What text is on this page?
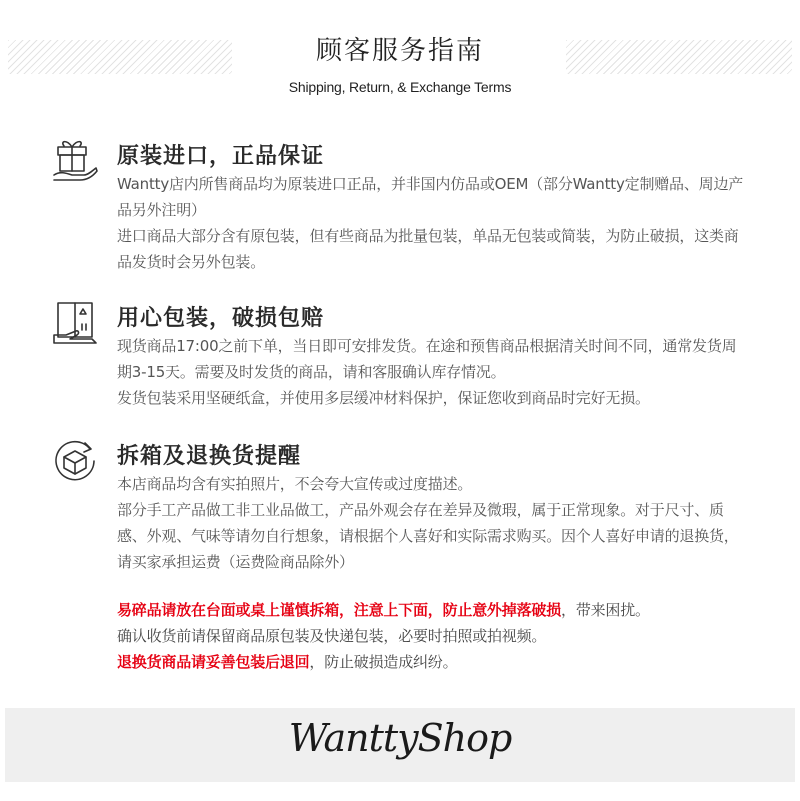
顾客服务指南
Shipping, Return, & Exchange Terms
原装进口，正品保证

Wantty店内所售商品均为原装进口正品，并非国内仿品或OEM（部分Wantty定制赠品、周边产品另外注明）

进口商品大部分含有原包装，但有些商品为批量包装，单品无包装或简装，为防止破损，这类商品发货时会另外包装。

用心包装，破损包赔

现货商品17:00之前下单，当日即可安排发货。在途和预售商品根据清关时间不同，通常发货周期3-15天。需要及时发货的商品，请和客服确认库存情况。

发货包装采用坚硬纸盒，并使用多层缓冲材料保护，保证您收到商品时完好无损。

拆箱及退换货提醒

本店商品均含有实拍照片，不会夸大宣传或过度描述。

部分手工产品做工非工业品做工，产品外观会存在差异及微瑕，属于正常现象。对于尺寸、质感、外观、气味等请勿自行想象，请根据个人喜好和实际需求购买。因个人喜好申请的退换货，请买家承担运费（运费险商品除外）

易碎品请放在台面或桌上谨慎拆箱，注意上下面，防止意外掉落破损，带来困扰。

确认收货前请保留商品原包装及快递包装，必要时拍照或拍视频。

退换货商品请妥善包装后退回，防止破损造成纠纷。

WanttyShop
